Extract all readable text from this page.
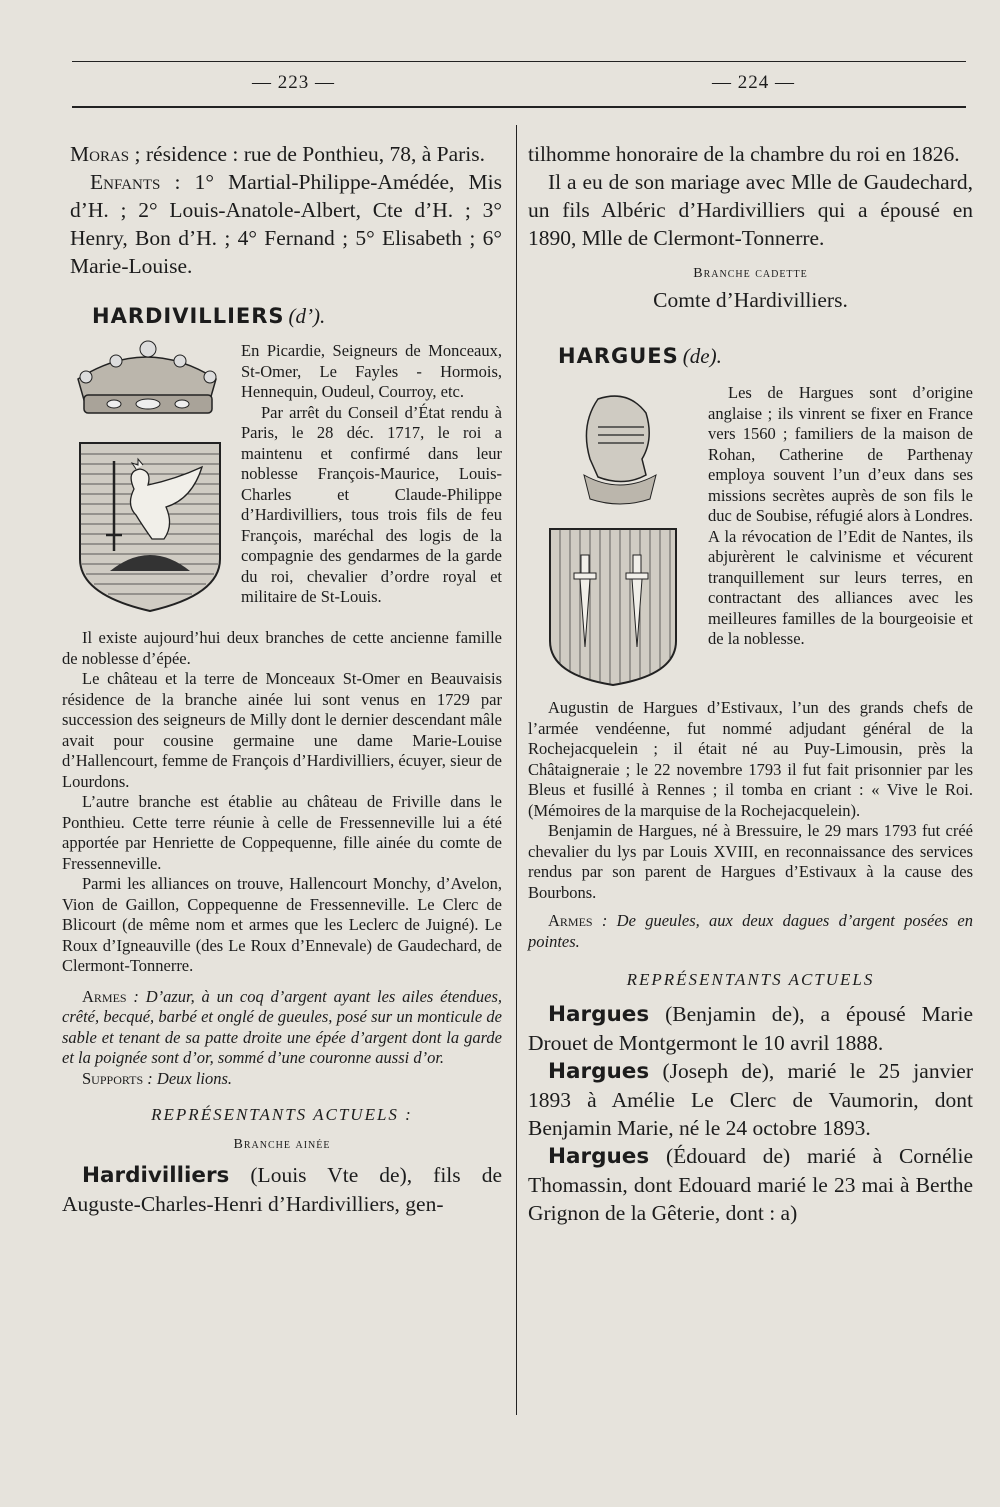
— 223 —	— 224 —

Moras ; résidence : rue de Ponthieu, 78, à Paris.

Enfants : 1° Martial-Philippe-Amédée, Mis d’H. ; 2° Louis-Anatole-Albert, Cte d’H. ; 3° Henry, Bon d’H. ; 4° Fernand ; 5° Elisabeth ; 6° Marie-Louise.

HARDIVILLIERS (d’).

En Picardie, Seigneurs de Monceaux, St-Omer, Le Fayles - Hormois, Hennequin, Oudeul, Courroy, etc.

Par arrêt du Conseil d’État rendu à Paris, le 28 déc. 1717, le roi a maintenu et confirmé dans leur noblesse François-Maurice, Louis-Charles et Claude-Philippe d’Hardivilliers, tous trois fils de feu François, maréchal des logis de la compagnie des gendarmes de la garde du roi, chevalier d’ordre royal et militaire de St-Louis.

Il existe aujourd’hui deux branches de cette ancienne famille de noblesse d’épée.

Le château et la terre de Monceaux St-Omer en Beauvaisis résidence de la branche ainée lui sont venus en 1729 par succession des seigneurs de Milly dont le dernier descendant mâle avait pour cousine germaine une dame Marie-Louise d’Hallencourt, femme de François d’Hardivilliers, écuyer, sieur de Lourdons.

L’autre branche est établie au château de Friville dans le Ponthieu. Cette terre réunie à celle de Fressenneville lui a été apportée par Henriette de Coppequenne, fille ainée du comte de Fressenneville.

Parmi les alliances on trouve, Hallencourt Monchy, d’Avelon, Vion de Gaillon, Coppequenne de Fressenneville. Le Clerc de Blicourt (de même nom et armes que les Leclerc de Juigné). Le Roux d’Igneauville (des Le Roux d’Ennevale) de Gaudechard, de Clermont-Tonnerre.

Armes : D’azur, à un coq d’argent ayant les ailes étendues, crêté, becqué, barbé et onglé de gueules, posé sur un monticule de sable et tenant de sa patte droite une épée d’argent dont la garde et la poignée sont d’or, sommé d’une couronne aussi d’or.

Supports : Deux lions.

REPRÉSENTANTS ACTUELS :

Branche ainée

Hardivilliers (Louis Vte de), fils de Auguste-Charles-Henri d’Hardivilliers, gen-

tilhomme honoraire de la chambre du roi en 1826.

Il a eu de son mariage avec Mlle de Gaudechard, un fils Albéric d’Hardivilliers qui a épousé en 1890, Mlle de Clermont-Tonnerre.

Branche cadette

Comte d’Hardivilliers.

HARGUES (de).

Les de Hargues sont d’origine anglaise ; ils vinrent se fixer en France vers 1560 ; familiers de la maison de Rohan, Catherine de Parthenay employa souvent l’un d’eux dans ses missions secrètes auprès de son fils le duc de Soubise, réfugié alors à Londres. A la révocation de l’Edit de Nantes, ils abjurèrent le calvinisme et vécurent tranquillement sur leurs terres, en contractant des alliances avec les meilleures familles de la bourgeoisie et de la noblesse.

Augustin de Hargues d’Estivaux, l’un des grands chefs de l’armée vendéenne, fut nommé adjudant général de la Rochejacquelein ; il était né au Puy-Limousin, près la Châtaigneraie ; le 22 novembre 1793 il fut fait prisonnier par les Bleus et fusillé à Rennes ; il tomba en criant : « Vive le Roi. (Mémoires de la marquise de la Rochejacquelein).

Benjamin de Hargues, né à Bressuire, le 29 mars 1793 fut créé chevalier du lys par Louis XVIII, en reconnaissance des services rendus par son parent de Hargues d’Estivaux à la cause des Bourbons.

Armes : De gueules, aux deux dagues d’argent posées en pointes.

REPRÉSENTANTS ACTUELS

Hargues (Benjamin de), a épousé Marie Drouet de Montgermont le 10 avril 1888.

Hargues (Joseph de), marié le 25 janvier 1893 à Amélie Le Clerc de Vaumorin, dont Benjamin Marie, né le 24 octobre 1893.

Hargues (Édouard de) marié à Cornélie Thomassin, dont Edouard marié le 23 mai à Berthe Grignon de la Gêterie, dont : a)
